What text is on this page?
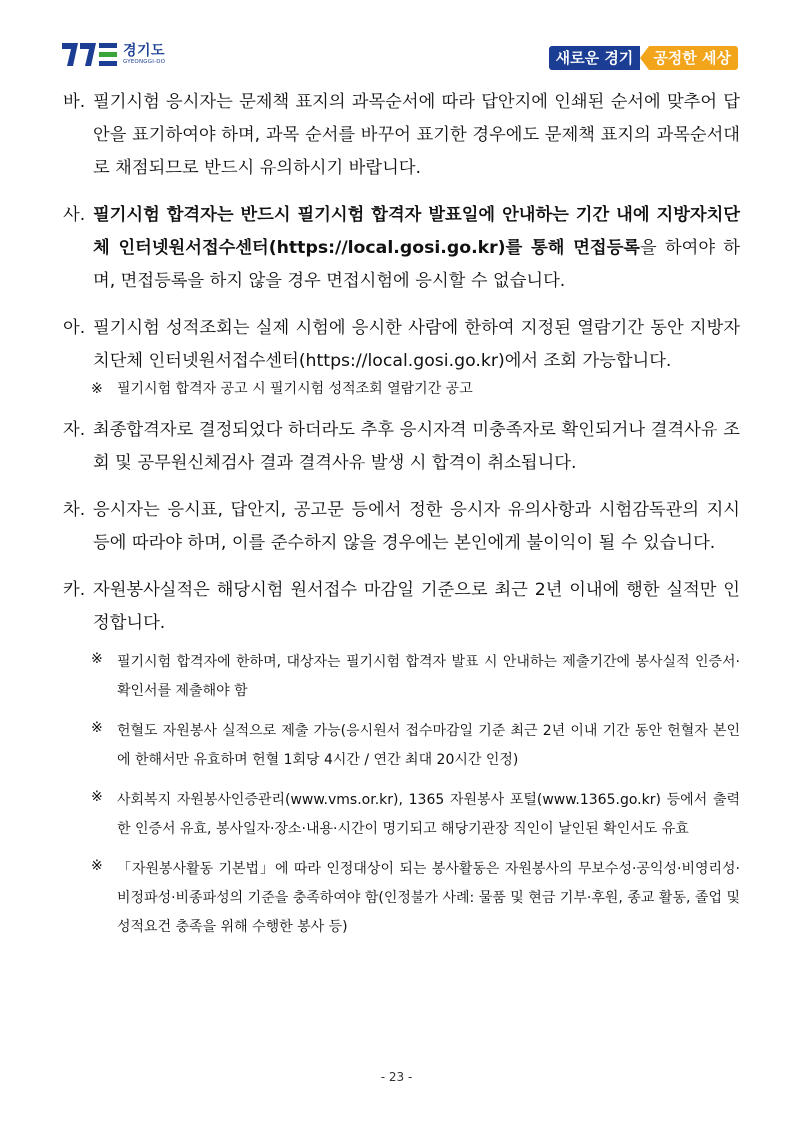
경기도
GYEONGGI-DO	새로운 경기	공정한 세상
바. 필기시험 응시자는 문제책 표지의 과목순서에 따라 답안지에 인쇄된 순서에 맞추어 답안을 표기하여야 하며, 과목 순서를 바꾸어 표기한 경우에도 문제책 표지의 과목순서대로 채점되므로 반드시 유의하시기 바랍니다.
사. 필기시험 합격자는 반드시 필기시험 합격자 발표일에 안내하는 기간 내에 지방자치단체 인터넷원서접수센터(https://local.gosi.go.kr)를 통해 면접등록을 하여야 하며, 면접등록을 하지 않을 경우 면접시험에 응시할 수 없습니다.
아. 필기시험 성적조회는 실제 시험에 응시한 사람에 한하여 지정된 열람기간 동안 지방자치단체 인터넷원서접수센터(https://local.gosi.go.kr)에서 조회 가능합니다.
※	필기시험 합격자 공고 시 필기시험 성적조회 열람기간 공고
자. 최종합격자로 결정되었다 하더라도 추후 응시자격 미충족자로 확인되거나 결격사유 조회 및 공무원신체검사 결과 결격사유 발생 시 합격이 취소됩니다.
차. 응시자는 응시표, 답안지, 공고문 등에서 정한 응시자 유의사항과 시험감독관의 지시 등에 따라야 하며, 이를 준수하지 않을 경우에는 본인에게 불이익이 될 수 있습니다.
카. 자원봉사실적은 해당시험 원서접수 마감일 기준으로 최근 2년 이내에 행한 실적만 인정합니다.
※	필기시험 합격자에 한하며, 대상자는 필기시험 합격자 발표 시 안내하는 제출기간에 봉사실적 인증서·확인서를 제출해야 함
※	헌혈도 자원봉사 실적으로 제출 가능(응시원서 접수마감일 기준 최근 2년 이내 기간 동안 헌혈자 본인에 한해서만 유효하며 헌혈 1회당 4시간 / 연간 최대 20시간 인정)
※	사회복지 자원봉사인증관리(www.vms.or.kr), 1365 자원봉사 포털(www.1365.go.kr) 등에서 출력한 인증서 유효, 봉사일자·장소·내용·시간이 명기되고 해당기관장 직인이 날인된 확인서도 유효
※	「자원봉사활동 기본법」에 따라 인정대상이 되는 봉사활동은 자원봉사의 무보수성·공익성·비영리성·비정파성·비종파성의 기준을 충족하여야 함(인정불가 사례: 물품 및 현금 기부·후원, 종교 활동, 졸업 및 성적요건 충족을 위해 수행한 봉사 등)
- 23 -
